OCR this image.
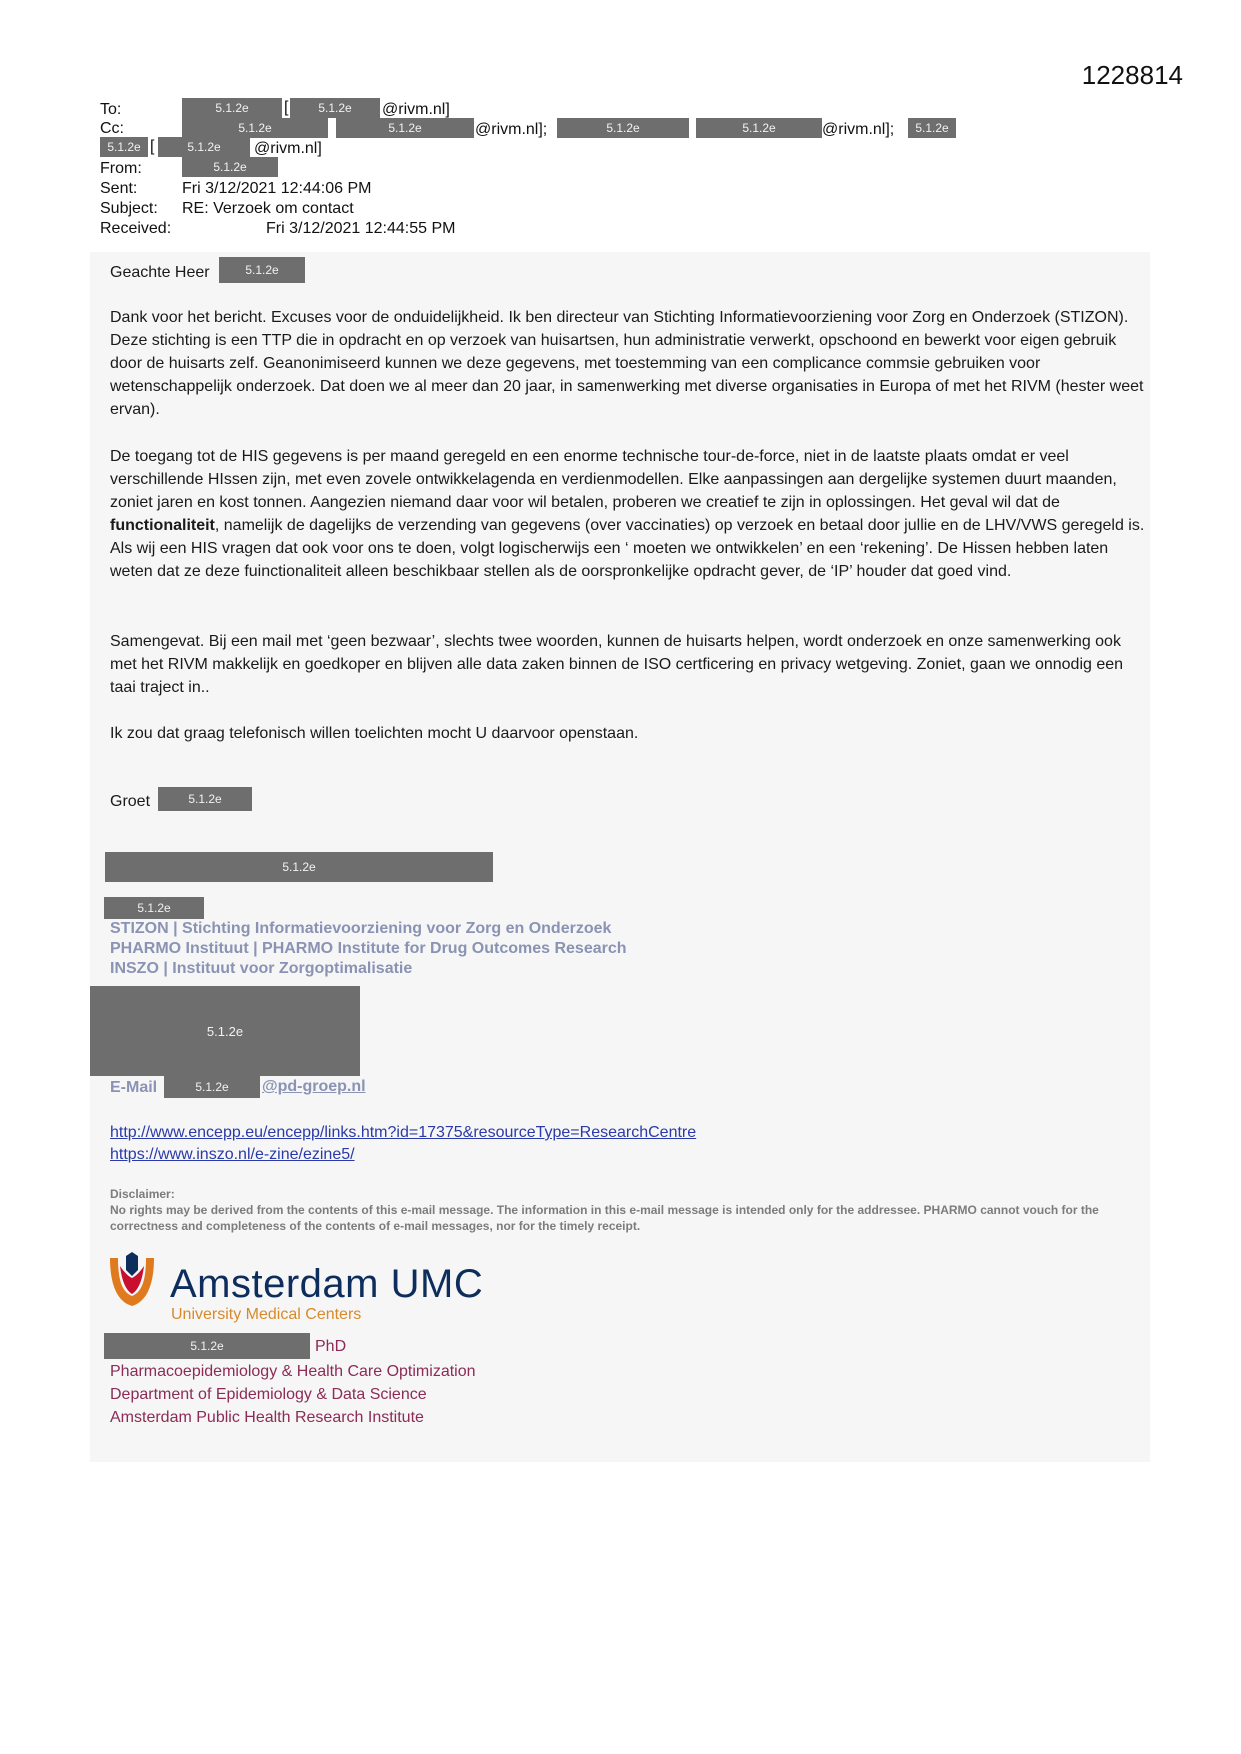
1228814
To:	5.1.2e	[	5.1.2e	@rivm.nl]
Cc:	5.1.2e	5.1.2e	@rivm.nl];	5.1.2e	5.1.2e	@rivm.nl];	5.1.2e
5.1.2e [	5.1.2e	@rivm.nl]
From:	5.1.2e
Sent:	Fri 3/12/2021 12:44:06 PM
Subject: RE: Verzoek om contact
Received:	Fri 3/12/2021 12:44:55 PM
Geachte Heer	5.1.2e
Dank voor het bericht. Excuses voor de onduidelijkheid. Ik ben directeur van Stichting Informatievoorziening voor Zorg en Onderzoek (STIZON). Deze stichting is een TTP die in opdracht en op verzoek van huisartsen, hun administratie verwerkt, opschoond en bewerkt voor eigen gebruik door de huisarts zelf. Geanonimiseerd kunnen we deze gegevens, met toestemming van een complicance commsie gebruiken voor wetenschappelijk onderzoek. Dat doen we al meer dan 20 jaar, in samenwerking met diverse organisaties in Europa of met het RIVM (hester weet ervan).
De toegang tot de HIS gegevens is per maand geregeld en een enorme technische tour-de-force, niet in de laatste plaats omdat er veel verschillende HIssen zijn, met even zovele ontwikkelagenda en verdienmodellen. Elke aanpassingen aan dergelijke systemen duurt maanden, zoniet jaren en kost tonnen. Aangezien niemand daar voor wil betalen, proberen we creatief te zijn in oplossingen. Het geval wil dat de functionaliteit, namelijk de dagelijks de verzending van gegevens (over vaccinaties) op verzoek en betaal door jullie en de LHV/VWS geregeld is. Als wij een HIS vragen dat ook voor ons te doen, volgt logischerwijs een ‘ moeten we ontwikkelen’ en een ‘rekening’. De Hissen hebben laten weten dat ze deze fuinctionaliteit alleen beschikbaar stellen als de oorspronkelijke opdracht gever, de ‘IP’ houder dat goed vind.
Samengevat. Bij een mail met ‘geen bezwaar’, slechts twee woorden, kunnen de huisarts helpen, wordt onderzoek en onze samenwerking ook met het RIVM makkelijk en goedkoper en blijven alle data zaken binnen de ISO certficering en privacy wetgeving. Zoniet, gaan we onnodig een taai traject in..
Ik zou dat graag telefonisch willen toelichten mocht U daarvoor openstaan.
Groet	5.1.2e
5.1.2e
5.1.2e
STIZON | Stichting Informatievoorziening voor Zorg en Onderzoek
PHARMO Instituut | PHARMO Institute for Drug Outcomes Research
INSZO | Instituut voor Zorgoptimalisatie
5.1.2e
E-Mail	5.1.2e	@pd-groep.nl
http://www.encepp.eu/encepp/links.htm?id=17375&resourceType=ResearchCentre
https://www.inszo.nl/e-zine/ezine5/
Disclaimer:
No rights may be derived from the contents of this e-mail message. The information in this e-mail message is intended only for the addressee. PHARMO cannot vouch for the correctness and completeness of the contents of e-mail messages, nor for the timely receipt.
Amsterdam UMC
University Medical Centers
5.1.2e	PhD
Pharmacoepidemiology & Health Care Optimization
Department of Epidemiology & Data Science
Amsterdam Public Health Research Institute
